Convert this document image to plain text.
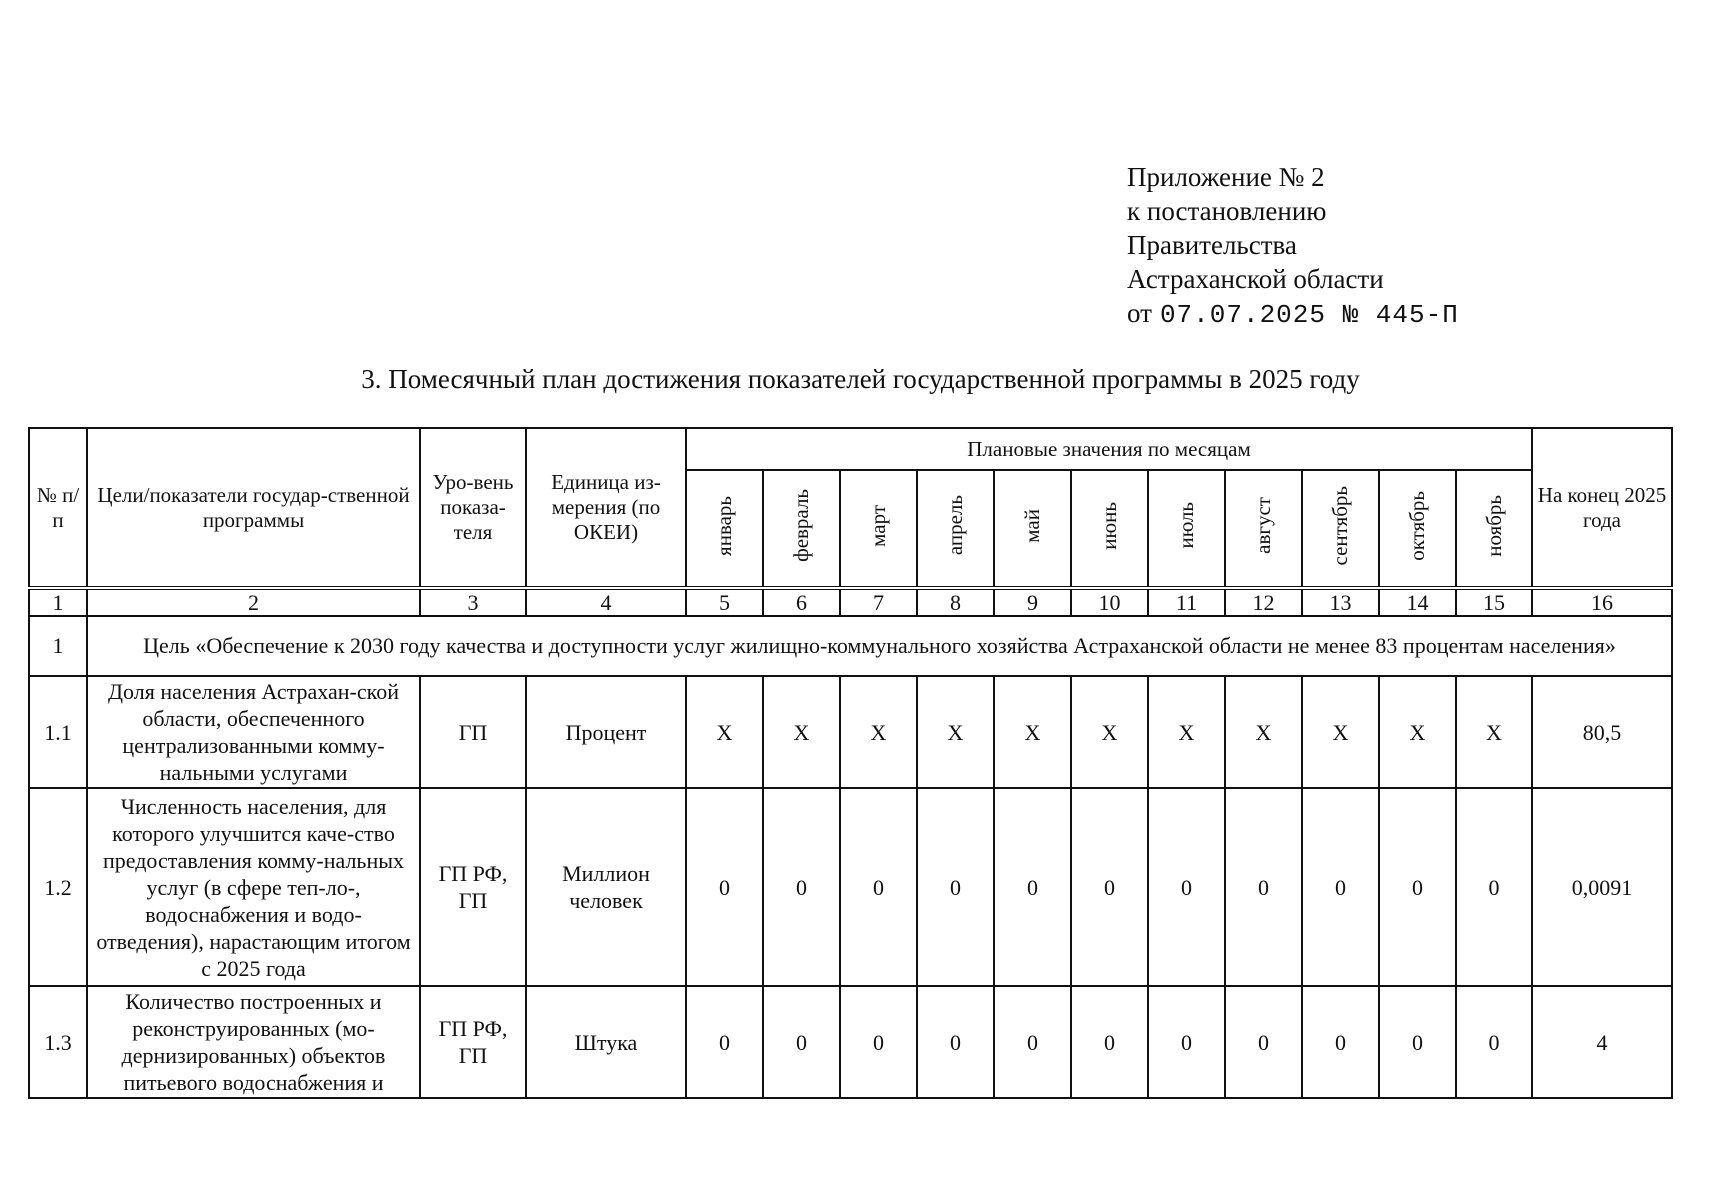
Приложение № 2
к постановлению
Правительства
Астраханской области
от 07.07.2025 № 445-П
3. Помесячный план достижения показателей государственной программы в 2025 году
№ п/п	Цели/показатели государ-ственной программы	Уро-вень показа-теля	Единица из-мерения (по ОКЕИ)	Плановые значения по месяцам											На конец 2025 года
				январь	февраль	март	апрель	май	июнь	июль	август	сентябрь	октябрь	ноябрь	
1	2	3	4	5	6	7	8	9	10	11	12	13	14	15	16
1	Цель «Обеспечение к 2030 году качества и доступности услуг жилищно-коммунального хозяйства Астраханской области не менее 83 процентам населения»														
1.1	Доля населения Астрахан-ской области, обеспеченного централизованными комму-нальными услугами	ГП	Процент	Х	Х	Х	Х	Х	Х	Х	Х	Х	Х	Х	80,5
1.2	Численность населения, для которого улучшится каче-ство предоставления комму-нальных услуг (в сфере теп-ло-, водоснабжения и водо-отведения), нарастающим итогом с 2025 года	ГП РФ, ГП	Миллион человек	0	0	0	0	0	0	0	0	0	0	0	0,0091
1.3	Количество построенных и реконструированных (мо-дернизированных) объектов питьевого водоснабжения и	ГП РФ, ГП	Штука	0	0	0	0	0	0	0	0	0	0	0	4
